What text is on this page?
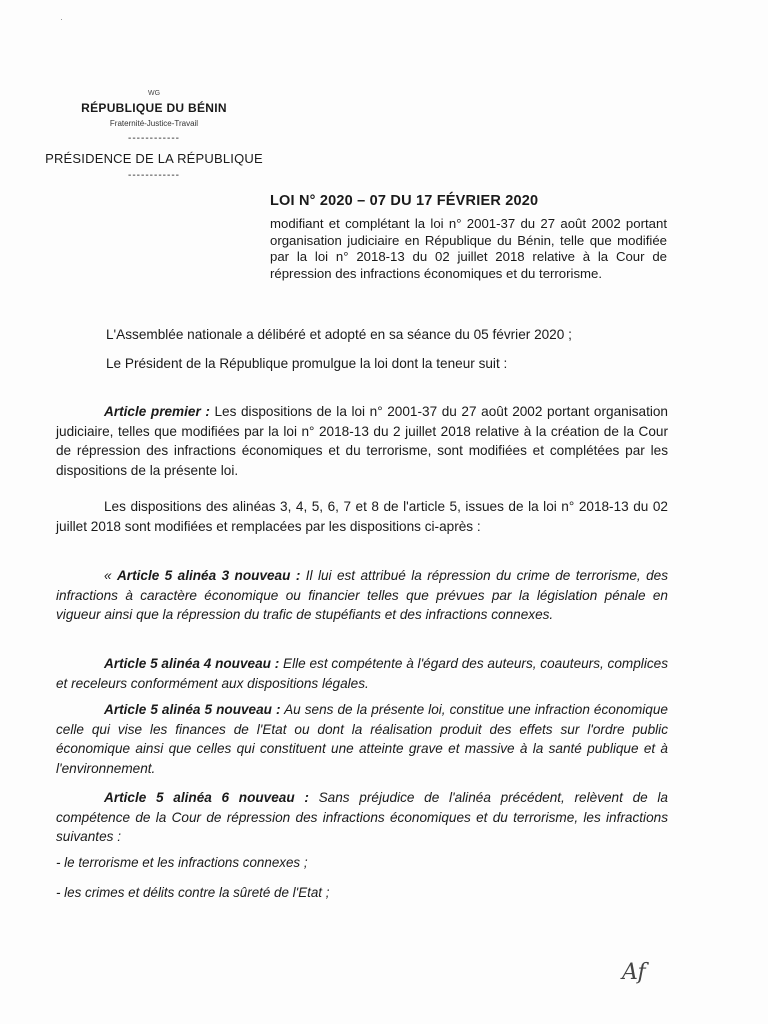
·
WG
RÉPUBLIQUE DU BÉNIN
Fraternité-Justice-Travail
------------
PRÉSIDENCE DE LA RÉPUBLIQUE
------------
LOI N° 2020 – 07 DU 17 FÉVRIER 2020
modifiant et complétant la loi n° 2001-37 du 27 août 2002 portant organisation judiciaire en République du Bénin, telle que modifiée par la loi n° 2018-13 du 02 juillet 2018 relative à la Cour de répression des infractions économiques et du terrorisme.
L'Assemblée nationale a délibéré et adopté en sa séance du 05 février 2020 ;
Le Président de la République promulgue la loi dont la teneur suit :
Article premier : Les dispositions de la loi n° 2001-37 du 27 août 2002 portant organisation judiciaire, telles que modifiées par la loi n° 2018-13 du 2 juillet 2018 relative à la création de la Cour de répression des infractions économiques et du terrorisme, sont modifiées et complétées par les dispositions de la présente loi.
Les dispositions des alinéas 3, 4, 5, 6, 7 et 8 de l'article 5, issues de la loi n° 2018-13 du 02 juillet 2018 sont modifiées et remplacées par les dispositions ci-après :
« Article 5 alinéa 3 nouveau : Il lui est attribué la répression du crime de terrorisme, des infractions à caractère économique ou financier telles que prévues par la législation pénale en vigueur ainsi que la répression du trafic de stupéfiants et des infractions connexes.
Article 5 alinéa 4 nouveau : Elle est compétente à l'égard des auteurs, coauteurs, complices et receleurs conformément aux dispositions légales.
Article 5 alinéa 5 nouveau : Au sens de la présente loi, constitue une infraction économique celle qui vise les finances de l'Etat ou dont la réalisation produit des effets sur l'ordre public économique ainsi que celles qui constituent une atteinte grave et massive à la santé publique et à l'environnement.
Article 5 alinéa 6 nouveau : Sans préjudice de l'alinéa précédent, relèvent de la compétence de la Cour de répression des infractions économiques et du terrorisme, les infractions suivantes :
- le terrorisme et les infractions connexes ;
- les crimes et délits contre la sûreté de l'Etat ;
Af
